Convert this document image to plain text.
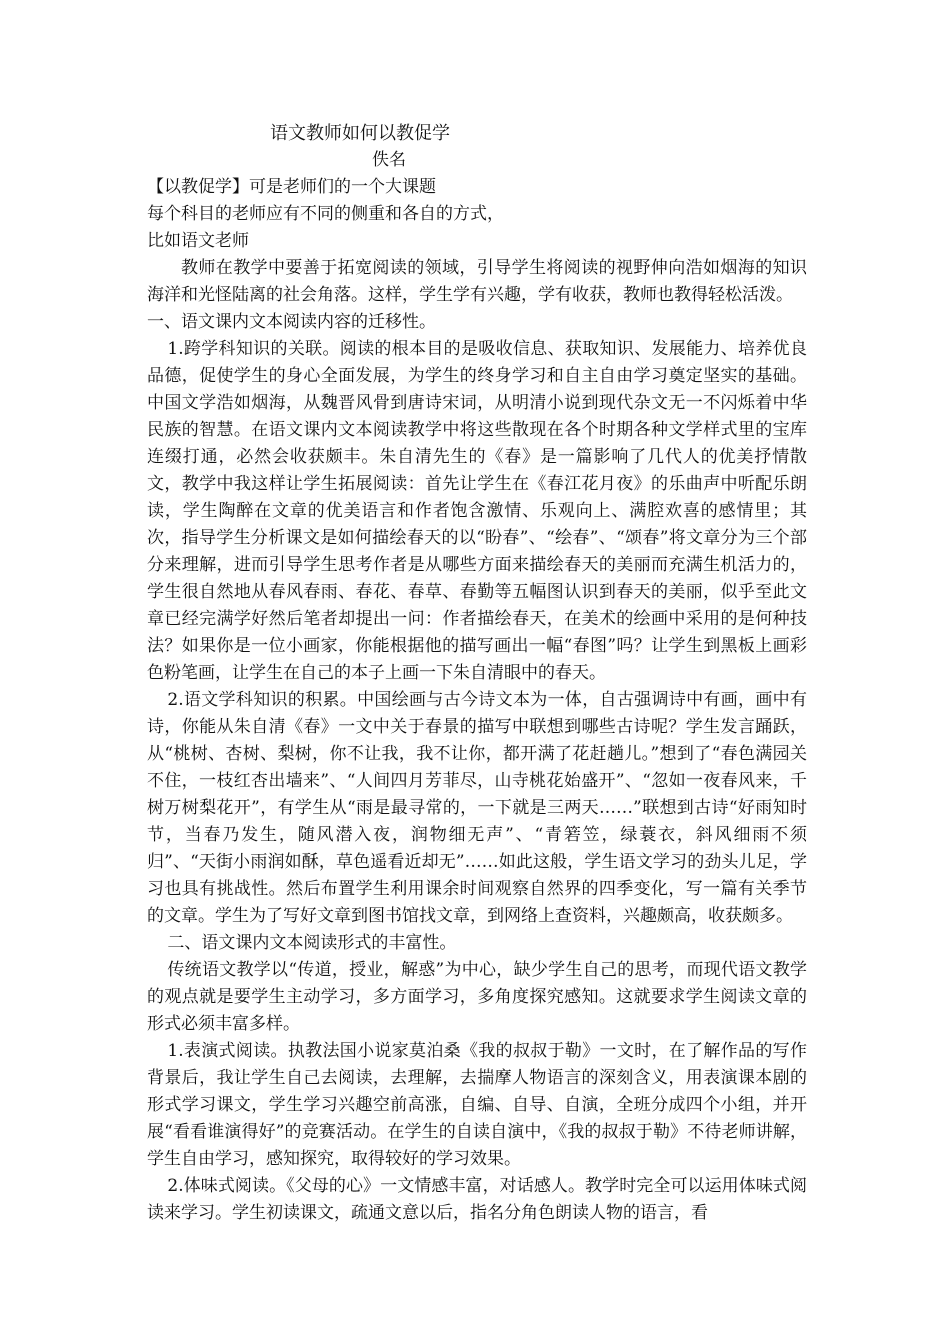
语文教师如何以教促学

佚名

【以教促学】可是老师们的一个大课题

每个科目的老师应有不同的侧重和各自的方式，

比如语文老师

教师在教学中要善于拓宽阅读的领域，引导学生将阅读的视野伸向浩如烟海的知识海洋和光怪陆离的社会角落。这样，学生学有兴趣，学有收获，教师也教得轻松活泼。

一、语文课内文本阅读内容的迁移性。

1.跨学科知识的关联。阅读的根本目的是吸收信息、获取知识、发展能力、培养优良品德，促使学生的身心全面发展，为学生的终身学习和自主自由学习奠定坚实的基础。中国文学浩如烟海，从魏晋风骨到唐诗宋词，从明清小说到现代杂文无一不闪烁着中华民族的智慧。在语文课内文本阅读教学中将这些散现在各个时期各种文学样式里的宝库连缀打通，必然会收获颇丰。朱自清先生的《春》是一篇影响了几代人的优美抒情散文，教学中我这样让学生拓展阅读：首先让学生在《春江花月夜》的乐曲声中听配乐朗读，学生陶醉在文章的优美语言和作者饱含激情、乐观向上、满腔欢喜的感情里；其次，指导学生分析课文是如何描绘春天的以“盼春”、“绘春”、“颂春”将文章分为三个部分来理解，进而引导学生思考作者是从哪些方面来描绘春天的美丽而充满生机活力的，学生很自然地从春风春雨、春花、春草、春勤等五幅图认识到春天的美丽，似乎至此文章已经完满学好然后笔者却提出一问：作者描绘春天，在美术的绘画中采用的是何种技法？如果你是一位小画家，你能根据他的描写画出一幅“春图”吗？让学生到黑板上画彩色粉笔画，让学生在自己的本子上画一下朱自清眼中的春天。

2.语文学科知识的积累。中国绘画与古今诗文本为一体，自古强调诗中有画，画中有诗，你能从朱自清《春》一文中关于春景的描写中联想到哪些古诗呢？学生发言踊跃，从“桃树、杏树、梨树，你不让我，我不让你，都开满了花赶趟儿。”想到了“春色满园关不住，一枝红杏出墙来”、“人间四月芳菲尽，山寺桃花始盛开”、“忽如一夜春风来，千树万树梨花开”，有学生从“雨是最寻常的，一下就是三两天……”联想到古诗“好雨知时节，当春乃发生，随风潜入夜，润物细无声”、“青箬笠，绿蓑衣，斜风细雨不须归”、“天街小雨润如酥，草色遥看近却无”……如此这般，学生语文学习的劲头儿足，学习也具有挑战性。然后布置学生利用课余时间观察自然界的四季变化，写一篇有关季节的文章。学生为了写好文章到图书馆找文章，到网络上查资料，兴趣颇高，收获颇多。

二、语文课内文本阅读形式的丰富性。

传统语文教学以“传道，授业，解惑”为中心，缺少学生自己的思考，而现代语文教学的观点就是要学生主动学习，多方面学习，多角度探究感知。这就要求学生阅读文章的形式必须丰富多样。

1.表演式阅读。执教法国小说家莫泊桑《我的叔叔于勒》一文时，在了解作品的写作背景后，我让学生自己去阅读，去理解，去揣摩人物语言的深刻含义，用表演课本剧的形式学习课文，学生学习兴趣空前高涨，自编、自导、自演，全班分成四个小组，并开展“看看谁演得好”的竞赛活动。在学生的自读自演中，《我的叔叔于勒》不待老师讲解，学生自由学习，感知探究，取得较好的学习效果。

2.体味式阅读。《父母的心》一文情感丰富，对话感人。教学时完全可以运用体味式阅读来学习。学生初读课文，疏通文意以后，指名分角色朗读人物的语言，看
